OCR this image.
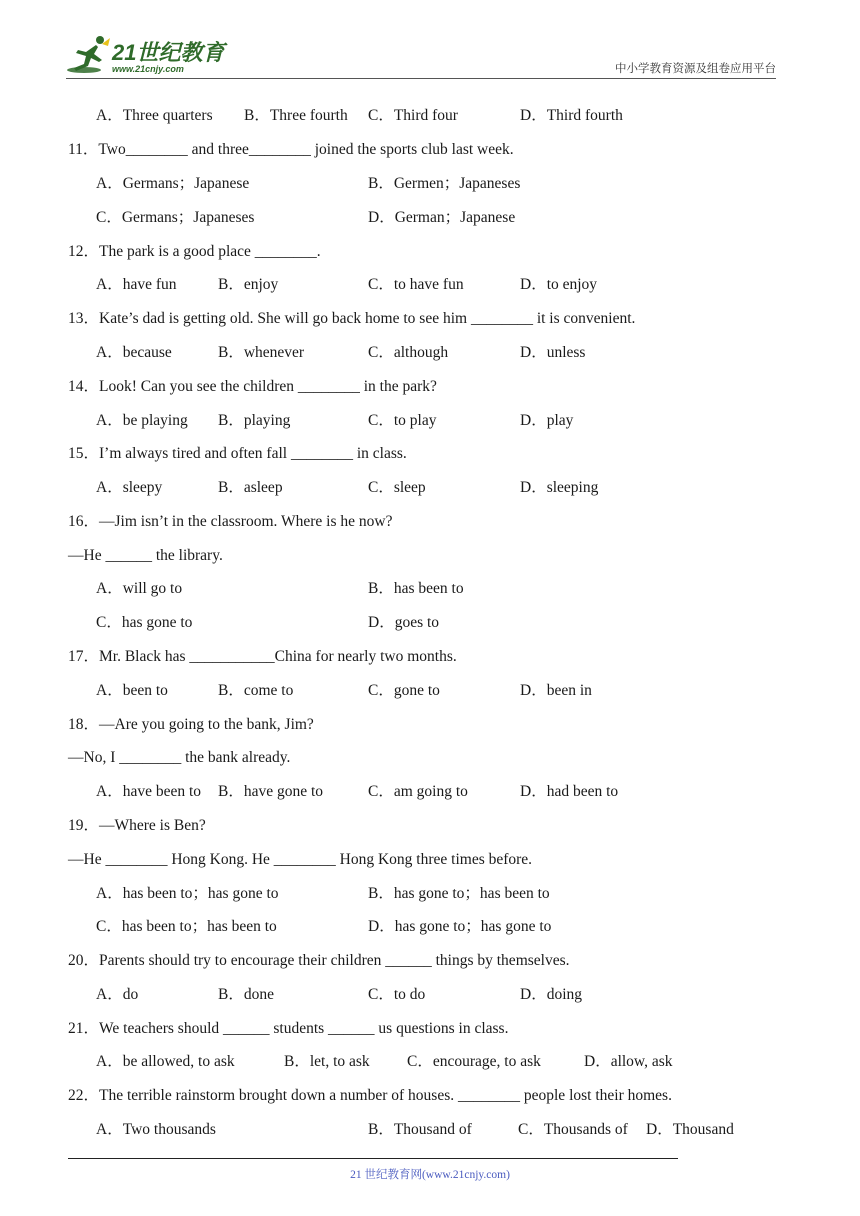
21世纪教育
www.21cnjy.com	中小学教育资源及组卷应用平台
A．Three quarters B．Three fourth C．Third four	D．Third fourth
11．Two________ and three________ joined the sports club last week.
A．Germans；Japanese	B．Germen；Japaneses
C．Germans；Japaneses	D．German；Japanese
12．The park is a good place ________.
A．have fun	B．enjoy	C．to have fun	D．to enjoy
13．Kate’s dad is getting old. She will go back home to see him ________ it is convenient.
A．because	B．whenever	C．although	D．unless
14．Look! Can you see the children ________ in the park?
A．be playing B．playing	C．to play	D．play
15．I’m always tired and often fall ________ in class.
A．sleepy	B．asleep	C．sleep	D．sleeping
16．—Jim isn’t in the classroom. Where is he now?
—He ______ the library.
A．will go to	B．has been to
C．has gone to	D．goes to
17．Mr. Black has ___________China for nearly two months.
A．been to	B．come to	C．gone to	D．been in
18．—Are you going to the bank, Jim?
—No, I ________ the bank already.
A．have been to B．have gone to	C．am going to	D．had been to
19．—Where is Ben?
—He ________ Hong Kong. He ________ Hong Kong three times before.
A．has been to；has gone to	B．has gone to；has been to
C．has been to；has been to	D．has gone to；has gone to
20．Parents should try to encourage their children ______ things by themselves.
A．do	B．done	C．to do	D．doing
21．We teachers should ______ students ______ us questions in class.
A．be allowed, to ask	B．let, to ask C．encourage, to ask	D．allow, ask
22．The terrible rainstorm brought down a number of houses. ________ people lost their homes.
A．Two thousands	B．Thousand of	C．Thousands of D．Thousand
21 世纪教育网(www.21cnjy.com)
